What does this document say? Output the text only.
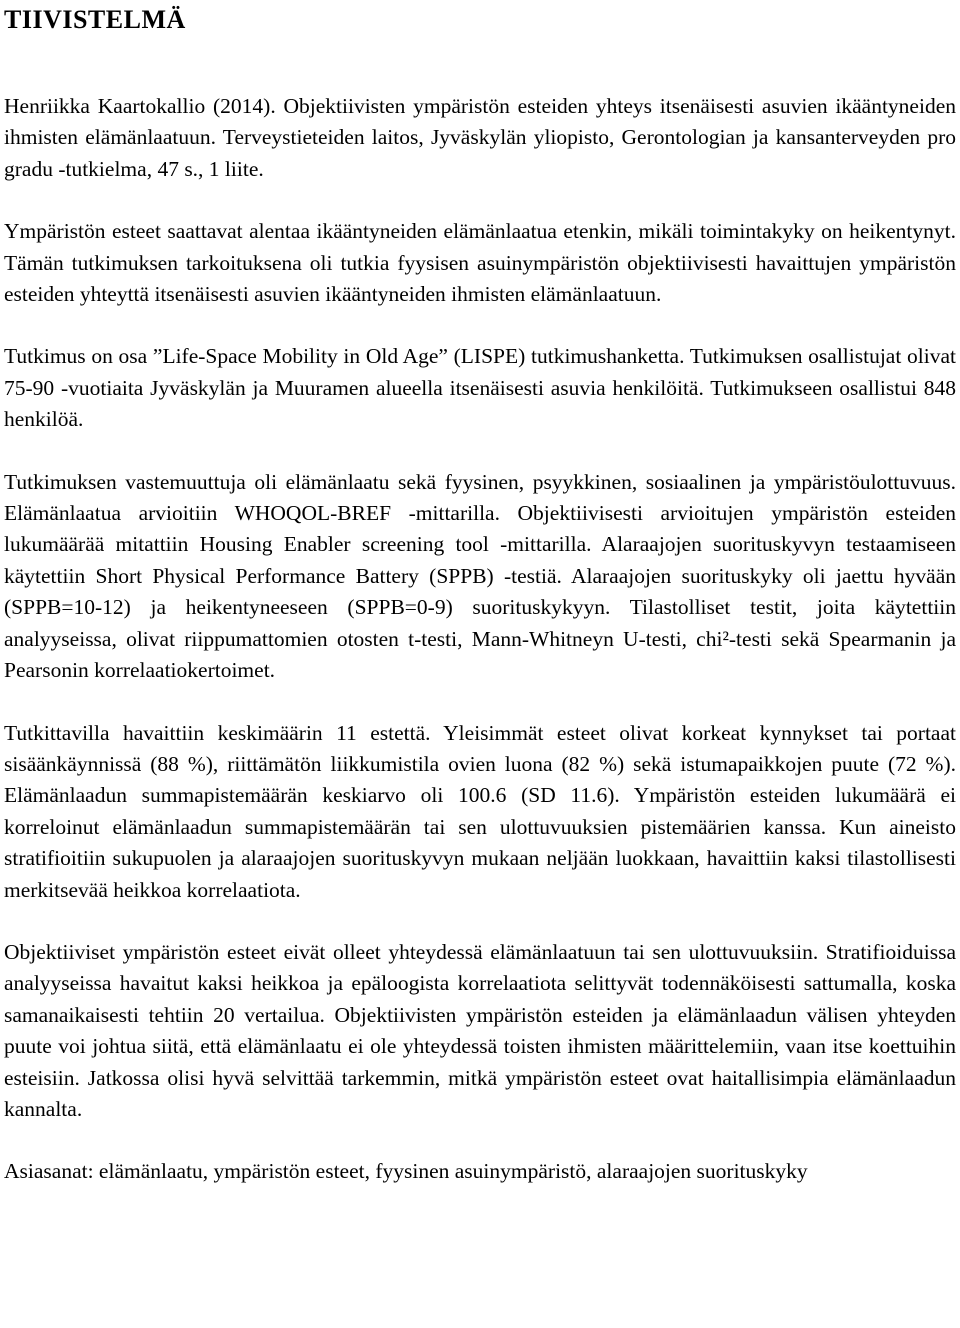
TIIVISTELMÄ

Henriikka Kaartokallio (2014). Objektiivisten ympäristön esteiden yhteys itsenäisesti asuvien ikääntyneiden ihmisten elämänlaatuun. Terveystieteiden laitos, Jyväskylän yliopisto, Gerontologian ja kansanterveyden pro gradu -tutkielma, 47 s., 1 liite.

Ympäristön esteet saattavat alentaa ikääntyneiden elämänlaatua etenkin, mikäli toimintakyky on heikentynyt. Tämän tutkimuksen tarkoituksena oli tutkia fyysisen asuinympäristön objektiivisesti havaittujen ympäristön esteiden yhteyttä itsenäisesti asuvien ikääntyneiden ihmisten elämänlaatuun.

Tutkimus on osa ”Life-Space Mobility in Old Age” (LISPE) tutkimushanketta. Tutkimuksen osallistujat olivat 75-90 -vuotiaita Jyväskylän ja Muuramen alueella itsenäisesti asuvia henkilöitä. Tutkimukseen osallistui 848 henkilöä.

Tutkimuksen vastemuuttuja oli elämänlaatu sekä fyysinen, psyykkinen, sosiaalinen ja ympäristöulottuvuus. Elämänlaatua arvioitiin WHOQOL-BREF -mittarilla. Objektiivisesti arvioitujen ympäristön esteiden lukumäärää mitattiin Housing Enabler screening tool -mittarilla. Alaraajojen suorituskyvyn testaamiseen käytettiin Short Physical Performance Battery (SPPB) -testiä. Alaraajojen suorituskyky oli jaettu hyvään (SPPB=10-12) ja heikentyneeseen (SPPB=0-9) suorituskykyyn. Tilastolliset testit, joita käytettiin analyyseissa, olivat riippumattomien otosten t-testi, Mann-Whitneyn U-testi, chi²-testi sekä Spearmanin ja Pearsonin korrelaatiokertoimet.

Tutkittavilla havaittiin keskimäärin 11 estettä. Yleisimmät esteet olivat korkeat kynnykset tai portaat sisäänkäynnissä (88 %), riittämätön liikkumistila ovien luona (82 %) sekä istumapaikkojen puute (72 %). Elämänlaadun summapistemäärän keskiarvo oli 100.6 (SD 11.6). Ympäristön esteiden lukumäärä ei korreloinut elämänlaadun summapistemäärän tai sen ulottuvuuksien pistemäärien kanssa. Kun aineisto stratifioitiin sukupuolen ja alaraajojen suorituskyvyn mukaan neljään luokkaan, havaittiin kaksi tilastollisesti merkitsevää heikkoa korrelaatiota.

Objektiiviset ympäristön esteet eivät olleet yhteydessä elämänlaatuun tai sen ulottuvuuksiin. Stratifioiduissa analyyseissa havaitut kaksi heikkoa ja epäloogista korrelaatiota selittyvät todennäköisesti sattumalla, koska samanaikaisesti tehtiin 20 vertailua. Objektiivisten ympäristön esteiden ja elämänlaadun välisen yhteyden puute voi johtua siitä, että elämänlaatu ei ole yhteydessä toisten ihmisten määrittelemiin, vaan itse koettuihin esteisiin. Jatkossa olisi hyvä selvittää tarkemmin, mitkä ympäristön esteet ovat haitallisimpia elämänlaadun kannalta.

Asiasanat: elämänlaatu, ympäristön esteet, fyysinen asuinympäristö, alaraajojen suorituskyky
